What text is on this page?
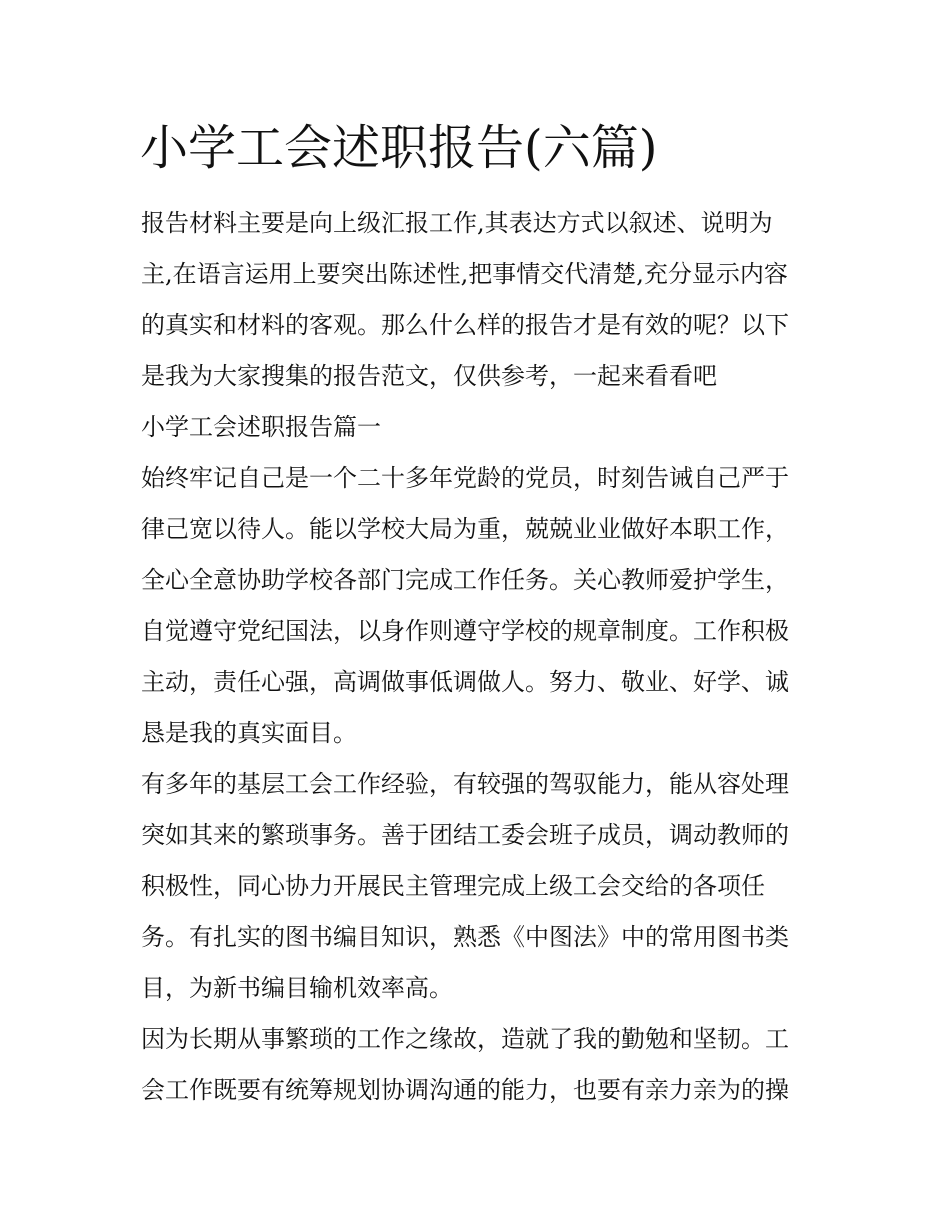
小学工会述职报告(六篇)
报告材料主要是向上级汇报工作,其表达方式以叙述、说明为
主,在语言运用上要突出陈述性,把事情交代清楚,充分显示内容
的真实和材料的客观。那么什么样的报告才是有效的呢？以下
是我为大家搜集的报告范文，仅供参考，一起来看看吧
小学工会述职报告篇一
始终牢记自己是一个二十多年党龄的党员，时刻告诫自己严于
律己宽以待人。能以学校大局为重，兢兢业业做好本职工作，
全心全意协助学校各部门完成工作任务。关心教师爱护学生，
自觉遵守党纪国法，以身作则遵守学校的规章制度。工作积极
主动，责任心强，高调做事低调做人。努力、敬业、好学、诚
恳是我的真实面目。
有多年的基层工会工作经验，有较强的驾驭能力，能从容处理
突如其来的繁琐事务。善于团结工委会班子成员，调动教师的
积极性，同心协力开展民主管理完成上级工会交给的各项任
务。有扎实的图书编目知识，熟悉《中图法》中的常用图书类
目，为新书编目输机效率高。
因为长期从事繁琐的工作之缘故，造就了我的勤勉和坚韧。工
会工作既要有统筹规划协调沟通的能力，也要有亲力亲为的操
